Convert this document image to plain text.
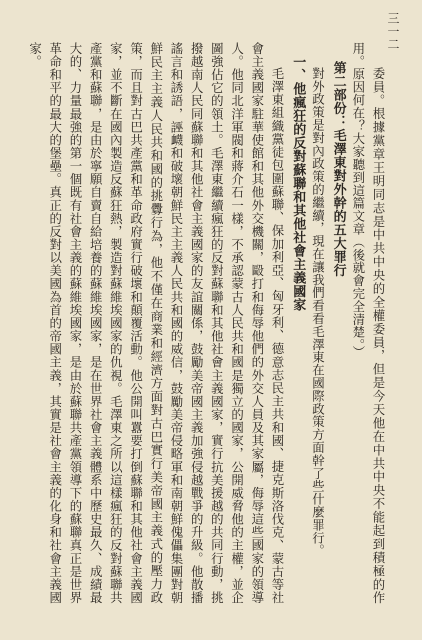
三一二

委員。根據黨章王明同志是中共中央的全權委員，但是今天他在中共中央不能起到積極的作用。原因何在？大家聽到這篇文章（後就會完全清楚。）

第二部份：毛澤東對外幹的五大罪行

對外政策是對內政策的繼續，現在讓我們看看毛澤東在國際政策方面幹了些什麼罪行。

一、他瘋狂的反對蘇聯和其他社會主義國家

毛澤東組織黨徒包圍蘇聯、保加利亞、匈牙利、德意志民主共和國、捷克斯洛伐克、蒙古等社會主義國家駐華使館和其他外交機關，毆打和侮辱他們的外交人員及其家屬，侮辱這些國家的領導人。他同北洋軍閥和蔣介石一樣，不承認蒙古人民共和國是獨立的國家，公開威脅他的主權，並企圖強佔它的領土。毛澤東繼續瘋狂的反對蘇聯和其他社會主義國家，實行抗美援越的共同行動，挑撥越南人民同蘇聯和其他社會主義國家的友誼關係，鼓勵美帝國主義加強侵越戰爭的升級。他散播謠言和誘語，誣衊和破壞朝鮮民主主義人民共和國的威信，鼓勵美帝侵略軍和南朝鮮傀儡集團對朝鮮民主主義人民共和國的挑釁行為，他不僅在商業和經濟方面對古巴實行美帝國主義式的壓力政策，而且對古巴共產黨和革命政府實行破壞和顛覆活動。他公開叫囂要打倒蘇聯和其他社會主義國家，並不斷在國內製造反蘇狂熱，製造對蘇維埃國家的仇視。毛澤東之所以這樣瘋狂的反對蘇聯共產黨和蘇聯，是由於寧願自賣自給培養的蘇維埃國家，是在世界社會主義體系中歷史最久、成績最大的、力量最強的第一個既有社會主義的蘇維埃國家，是由於蘇聯共產黨領導下的蘇聯真正是世界革命和平的最大的堡壘。真正的反對以美國為首的帝國主義，其實是社會主義的化身和社會主義國家。
